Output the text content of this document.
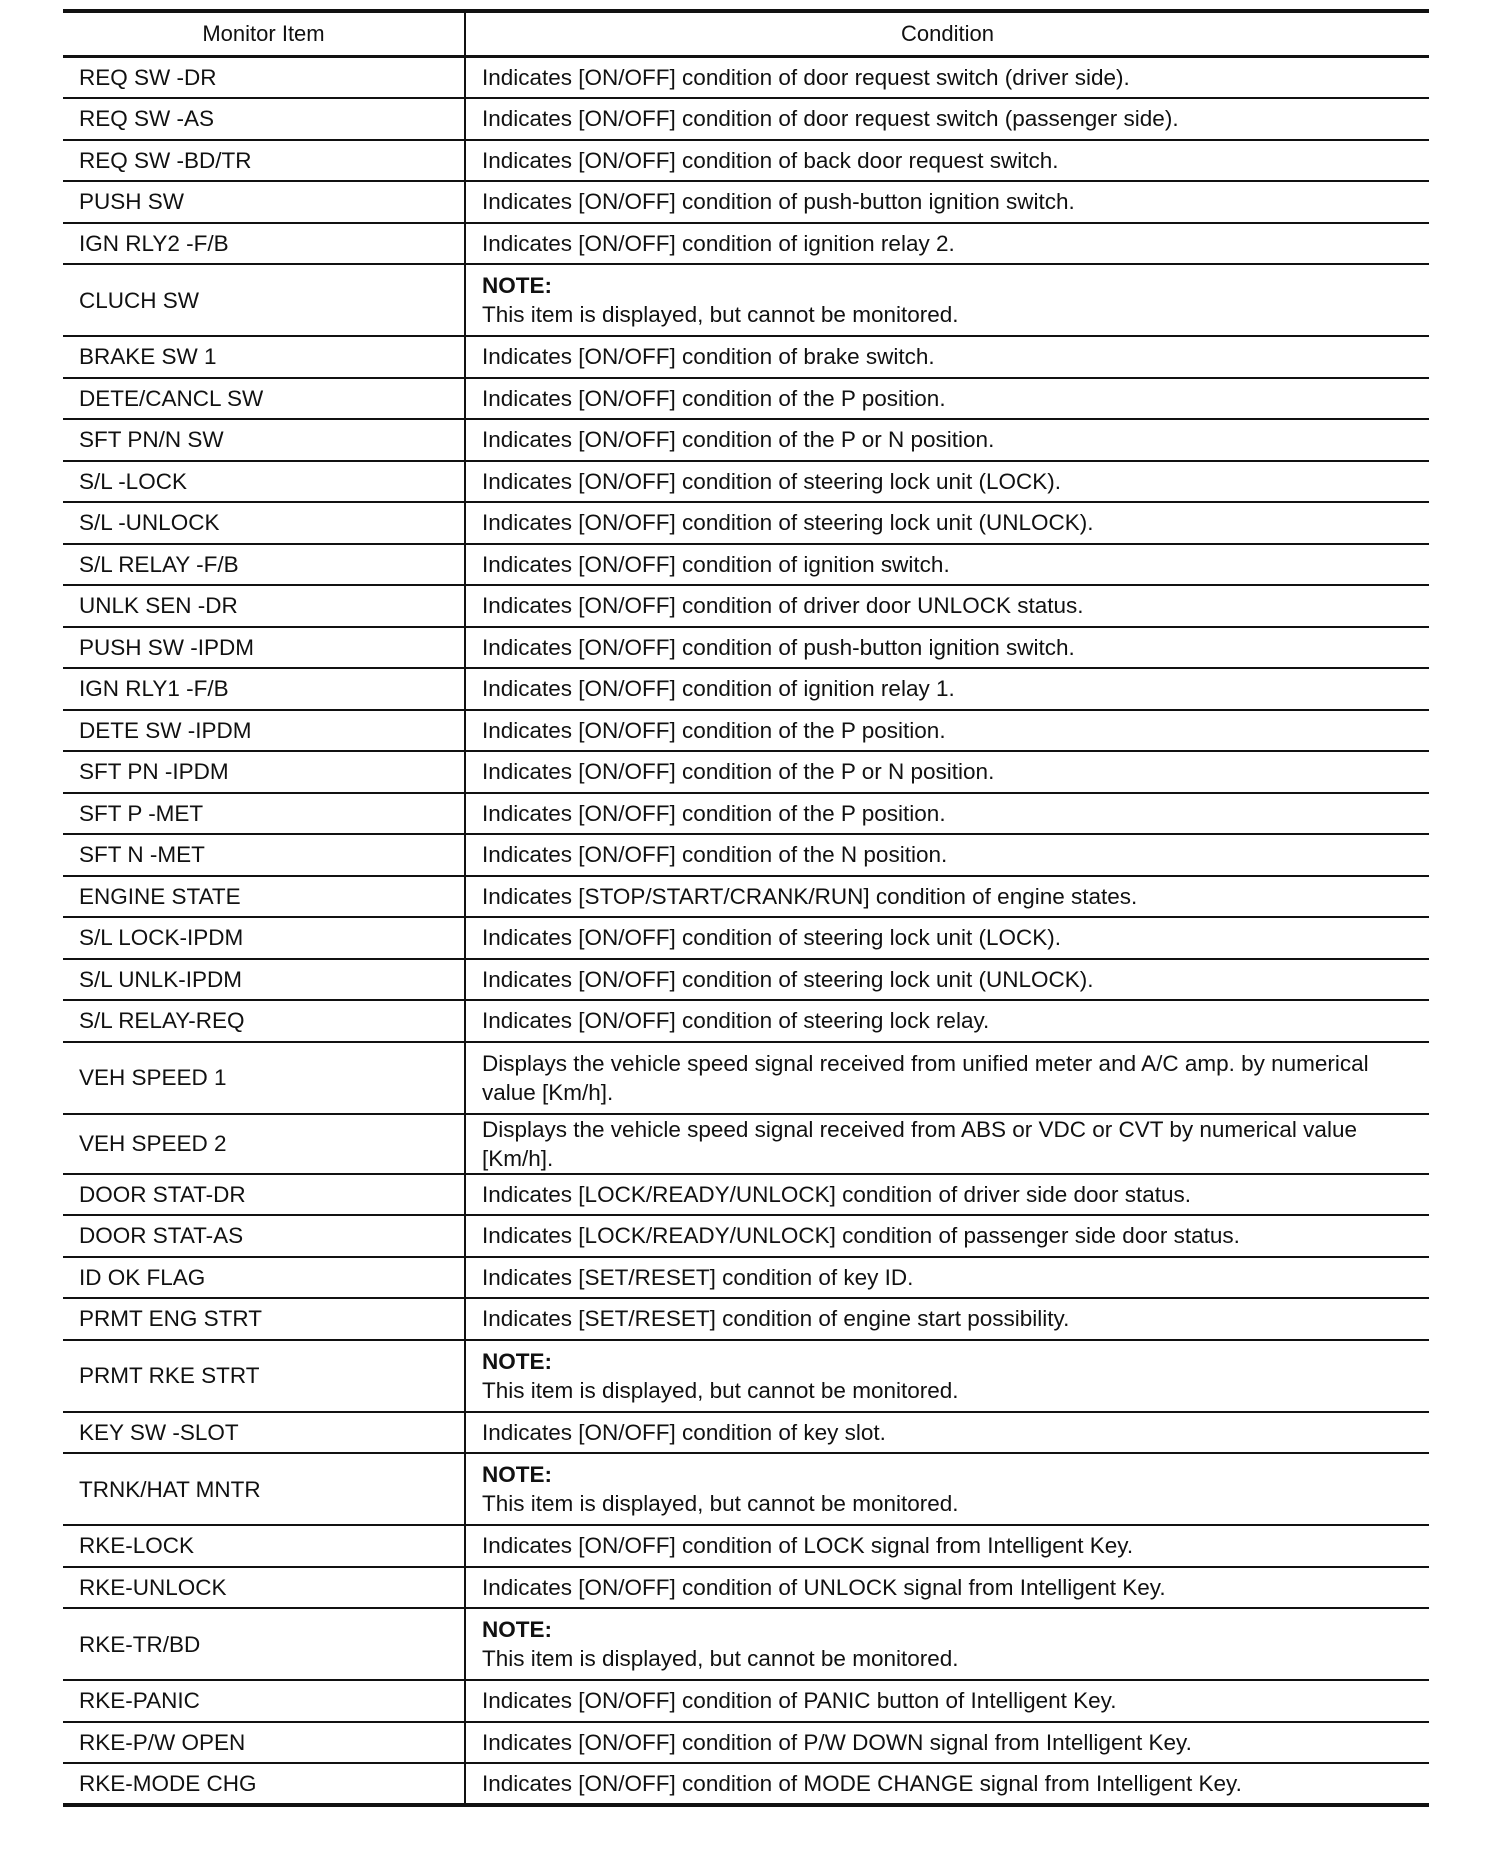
Monitor Item	Condition
REQ SW -DR	Indicates [ON/OFF] condition of door request switch (driver side).
REQ SW -AS	Indicates [ON/OFF] condition of door request switch (passenger side).
REQ SW -BD/TR	Indicates [ON/OFF] condition of back door request switch.
PUSH SW	Indicates [ON/OFF] condition of push-button ignition switch.
IGN RLY2 -F/B	Indicates [ON/OFF] condition of ignition relay 2.
CLUCH SW	NOTE:
This item is displayed, but cannot be monitored.

BRAKE SW 1	Indicates [ON/OFF] condition of brake switch.
DETE/CANCL SW	Indicates [ON/OFF] condition of the P position.
SFT PN/N SW	Indicates [ON/OFF] condition of the P or N position.
S/L -LOCK	Indicates [ON/OFF] condition of steering lock unit (LOCK).
S/L -UNLOCK	Indicates [ON/OFF] condition of steering lock unit (UNLOCK).
S/L RELAY -F/B	Indicates [ON/OFF] condition of ignition switch.
UNLK SEN -DR	Indicates [ON/OFF] condition of driver door UNLOCK status.
PUSH SW -IPDM	Indicates [ON/OFF] condition of push-button ignition switch.
IGN RLY1 -F/B	Indicates [ON/OFF] condition of ignition relay 1.
DETE SW -IPDM	Indicates [ON/OFF] condition of the P position.
SFT PN -IPDM	Indicates [ON/OFF] condition of the P or N position.
SFT P -MET	Indicates [ON/OFF] condition of the P position.
SFT N -MET	Indicates [ON/OFF] condition of the N position.
ENGINE STATE	Indicates [STOP/START/CRANK/RUN] condition of engine states.
S/L LOCK-IPDM	Indicates [ON/OFF] condition of steering lock unit (LOCK).
S/L UNLK-IPDM	Indicates [ON/OFF] condition of steering lock unit (UNLOCK).
S/L RELAY-REQ	Indicates [ON/OFF] condition of steering lock relay.
VEH SPEED 1	Displays the vehicle speed signal received from unified meter and A/C amp. by numerical value [Km/h].
VEH SPEED 2	Displays the vehicle speed signal received from ABS or VDC or CVT by numerical value [Km/h].
DOOR STAT-DR	Indicates [LOCK/READY/UNLOCK] condition of driver side door status.
DOOR STAT-AS	Indicates [LOCK/READY/UNLOCK] condition of passenger side door status.
ID OK FLAG	Indicates [SET/RESET] condition of key ID.
PRMT ENG STRT	Indicates [SET/RESET] condition of engine start possibility.
PRMT RKE STRT	NOTE:
This item is displayed, but cannot be monitored.

KEY SW -SLOT	Indicates [ON/OFF] condition of key slot.
TRNK/HAT MNTR	NOTE:
This item is displayed, but cannot be monitored.

RKE-LOCK	Indicates [ON/OFF] condition of LOCK signal from Intelligent Key.
RKE-UNLOCK	Indicates [ON/OFF] condition of UNLOCK signal from Intelligent Key.
RKE-TR/BD	NOTE:
This item is displayed, but cannot be monitored.

RKE-PANIC	Indicates [ON/OFF] condition of PANIC button of Intelligent Key.
RKE-P/W OPEN	Indicates [ON/OFF] condition of P/W DOWN signal from Intelligent Key.
RKE-MODE CHG	Indicates [ON/OFF] condition of MODE CHANGE signal from Intelligent Key.
